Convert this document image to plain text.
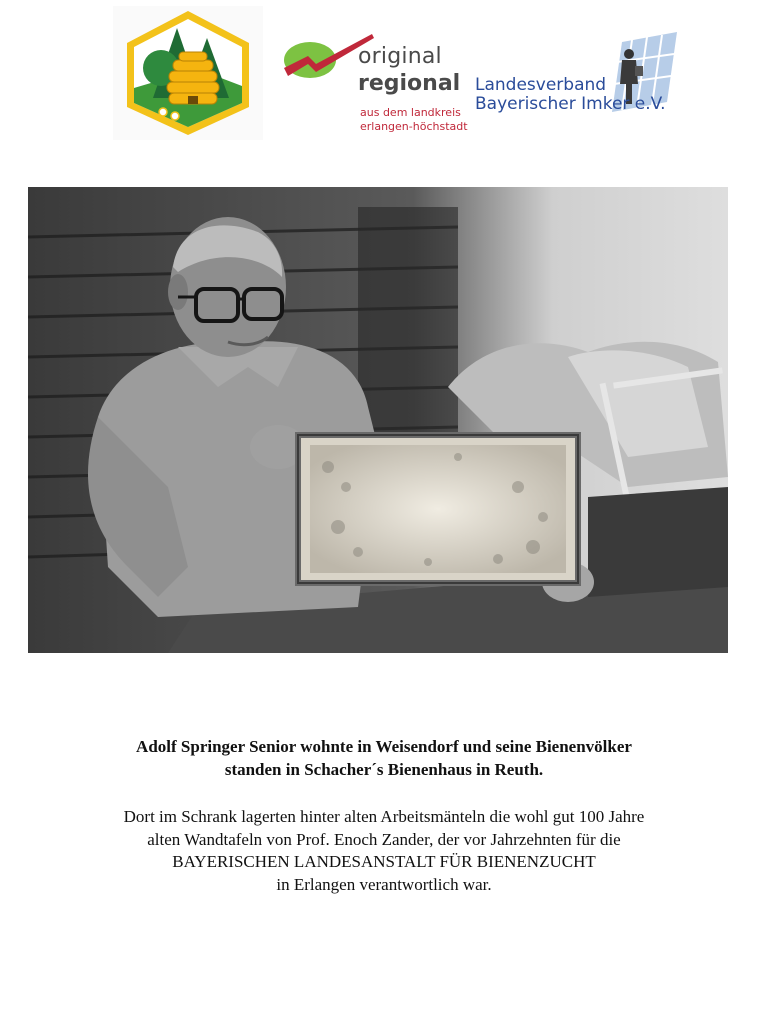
original
regional
aus dem landkreis
erlangen-höchstadt
Landesverband
Bayerischer Imker e.V.
Adolf Springer Senior wohnte in Weisendorf und seine Bienenvölker
standen in Schacher´s Bienenhaus in Reuth.
Dort im Schrank lagerten hinter alten Arbeitsmänteln die wohl gut 100 Jahre
alten Wandtafeln von Prof. Enoch Zander, der vor Jahrzehnten für die
BAYERISCHEN LANDESANSTALT FÜR BIENENZUCHT
in Erlangen verantwortlich war.
